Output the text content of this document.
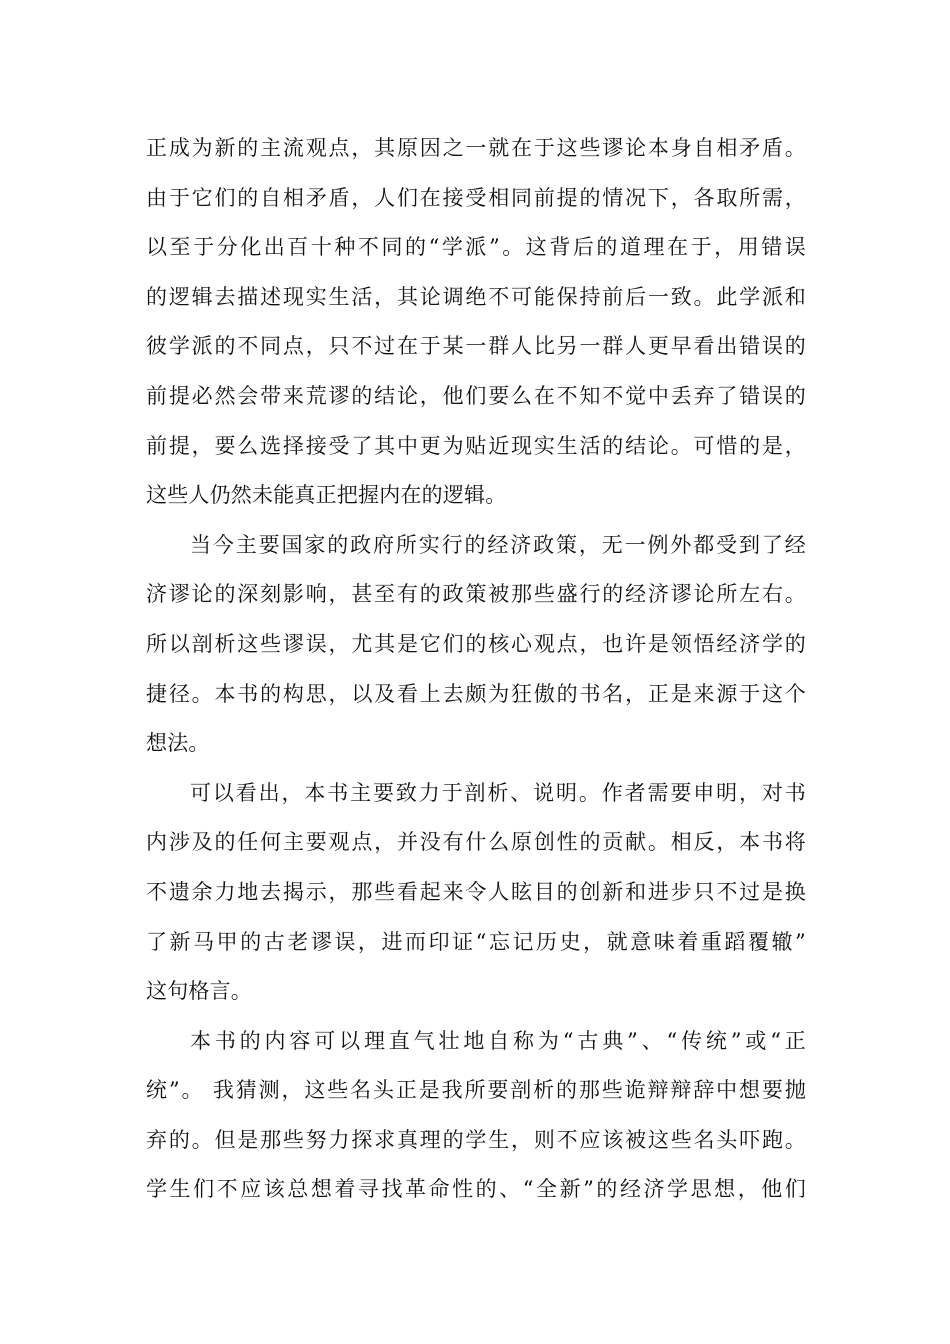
正成为新的主流观点，其原因之一就在于这些谬论本身自相矛盾。
由于它们的自相矛盾，人们在接受相同前提的情况下，各取所需，
以至于分化出百十种不同的“学派”。这背后的道理在于，用错误
的逻辑去描述现实生活，其论调绝不可能保持前后一致。此学派和
彼学派的不同点，只不过在于某一群人比另一群人更早看出错误的
前提必然会带来荒谬的结论，他们要么在不知不觉中丢弃了错误的
前提，要么选择接受了其中更为贴近现实生活的结论。可惜的是，
这些人仍然未能真正把握内在的逻辑。
当今主要国家的政府所实行的经济政策，无一例外都受到了经
济谬论的深刻影响，甚至有的政策被那些盛行的经济谬论所左右。
所以剖析这些谬误，尤其是它们的核心观点，也许是领悟经济学的
捷径。本书的构思，以及看上去颇为狂傲的书名，正是来源于这个
想法。
可以看出，本书主要致力于剖析、说明。作者需要申明，对书
内涉及的任何主要观点，并没有什么原创性的贡献。相反，本书将
不遗余力地去揭示，那些看起来令人眩目的创新和进步只不过是换
了新马甲的古老谬误，进而印证“忘记历史，就意味着重蹈覆辙”
这句格言。
本书的内容可以理直气壮地自称为“古典”、“传统”或“正
统”。 我猜测，这些名头正是我所要剖析的那些诡辩辩辞中想要抛
弃的。但是那些努力探求真理的学生，则不应该被这些名头吓跑。
学生们不应该总想着寻找革命性的、“全新”的经济学思想，他们
